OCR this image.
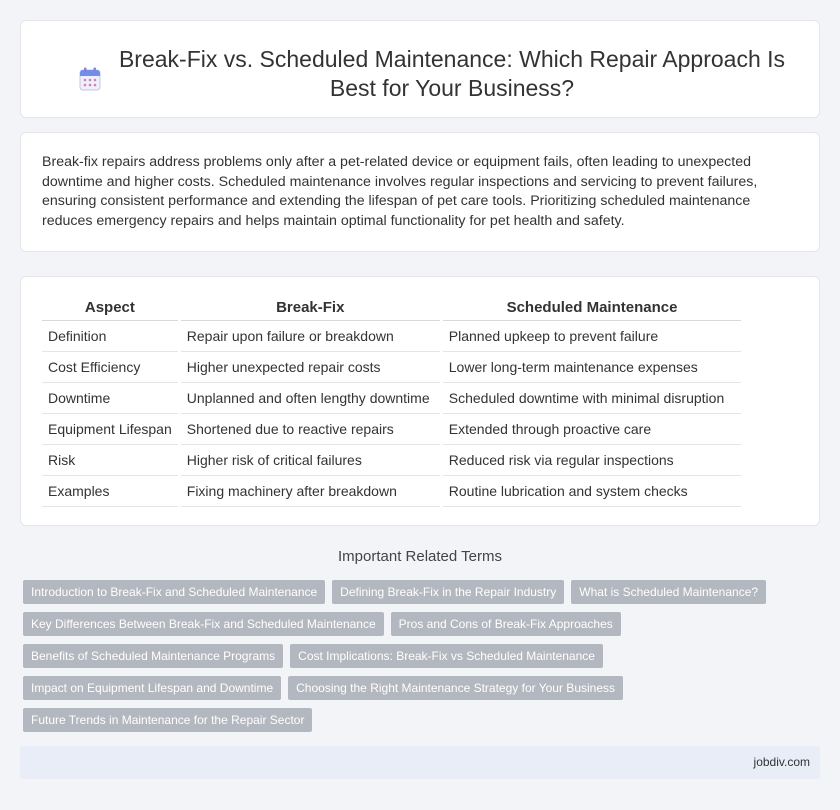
Break-Fix vs. Scheduled Maintenance: Which Repair Approach Is Best for Your Business?

Break-fix repairs address problems only after a pet-related device or equipment fails, often leading to unexpected downtime and higher costs. Scheduled maintenance involves regular inspections and servicing to prevent failures, ensuring consistent performance and extending the lifespan of pet care tools. Prioritizing scheduled maintenance reduces emergency repairs and helps maintain optimal functionality for pet health and safety.

Aspect	Break-Fix	Scheduled Maintenance
Definition	Repair upon failure or breakdown	Planned upkeep to prevent failure
Cost Efficiency	Higher unexpected repair costs	Lower long-term maintenance expenses
Downtime	Unplanned and often lengthy downtime	Scheduled downtime with minimal disruption
Equipment Lifespan	Shortened due to reactive repairs	Extended through proactive care
Risk	Higher risk of critical failures	Reduced risk via regular inspections
Examples	Fixing machinery after breakdown	Routine lubrication and system checks
Important Related Terms
Introduction to Break-Fix and Scheduled Maintenance	Defining Break-Fix in the Repair Industry	What is Scheduled Maintenance?
Key Differences Between Break-Fix and Scheduled Maintenance	Pros and Cons of Break-Fix Approaches
Benefits of Scheduled Maintenance Programs	Cost Implications: Break-Fix vs Scheduled Maintenance
Impact on Equipment Lifespan and Downtime	Choosing the Right Maintenance Strategy for Your Business
Future Trends in Maintenance for the Repair Sector
jobdiv.com
